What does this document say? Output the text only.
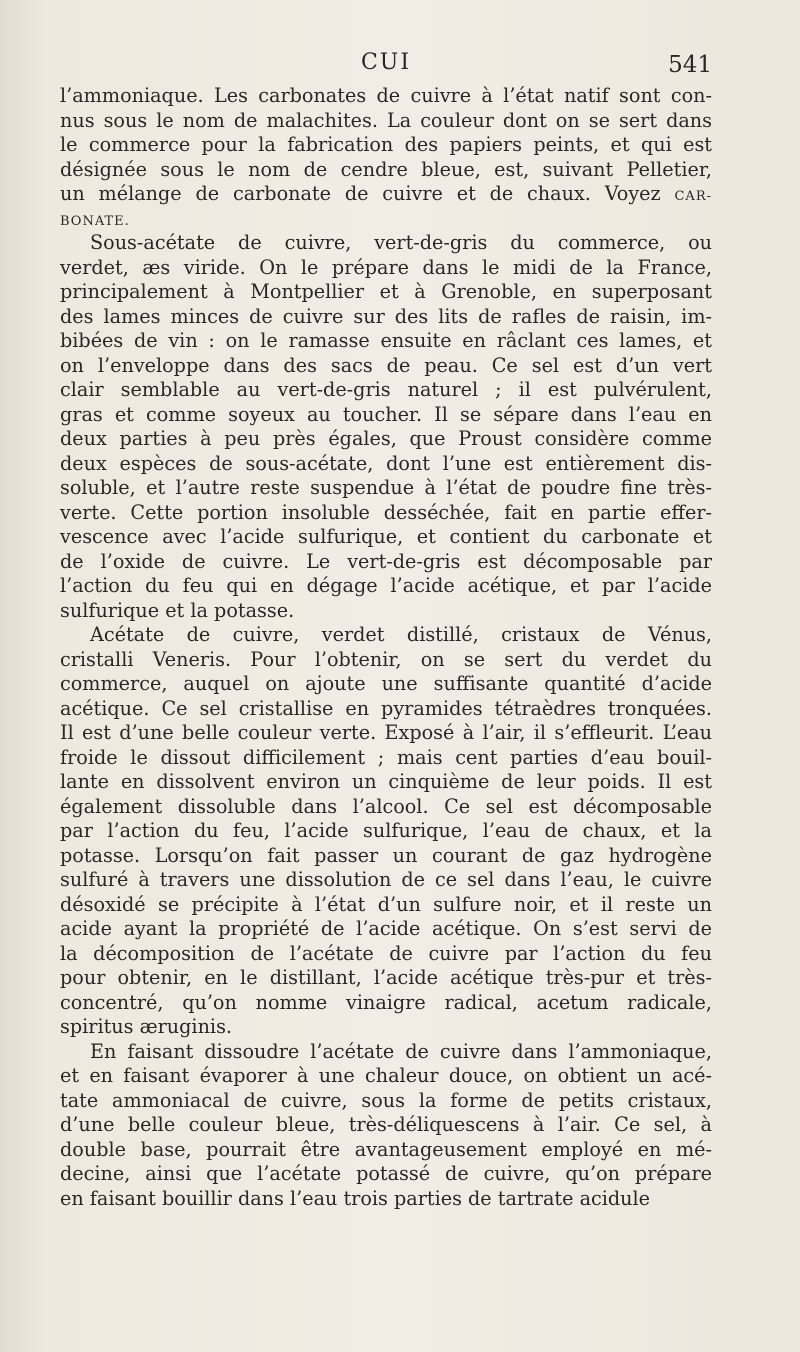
CUI	541
l’ammoniaque. Les carbonates de cuivre à l’état natif sont con-
nus sous le nom de malachites. La couleur dont on se sert dans
le commerce pour la fabrication des papiers peints, et qui est
désignée sous le nom de cendre bleue, est, suivant Pelletier,
un mélange de carbonate de cuivre et de chaux. Voyez CAR-
BONATE.
Sous-acétate de cuivre, vert-de-gris du commerce, ou
verdet, æs viride. On le prépare dans le midi de la France,
principalement à Montpellier et à Grenoble, en superposant
des lames minces de cuivre sur des lits de rafles de raisin, im-
bibées de vin : on le ramasse ensuite en râclant ces lames, et
on l’enveloppe dans des sacs de peau. Ce sel est d’un vert
clair semblable au vert-de-gris naturel ; il est pulvérulent,
gras et comme soyeux au toucher. Il se sépare dans l’eau en
deux parties à peu près égales, que Proust considère comme
deux espèces de sous-acétate, dont l’une est entièrement dis-
soluble, et l’autre reste suspendue à l’état de poudre fine très-
verte. Cette portion insoluble desséchée, fait en partie effer-
vescence avec l’acide sulfurique, et contient du carbonate et
de l’oxide de cuivre. Le vert-de-gris est décomposable par
l’action du feu qui en dégage l’acide acétique, et par l’acide
sulfurique et la potasse.
Acétate de cuivre, verdet distillé, cristaux de Vénus,
cristalli Veneris. Pour l’obtenir, on se sert du verdet du
commerce, auquel on ajoute une suffisante quantité d’acide
acétique. Ce sel cristallise en pyramides tétraèdres tronquées.
Il est d’une belle couleur verte. Exposé à l’air, il s’effleurit. L’eau
froide le dissout difficilement ; mais cent parties d’eau bouil-
lante en dissolvent environ un cinquième de leur poids. Il est
également dissoluble dans l’alcool. Ce sel est décomposable
par l’action du feu, l’acide sulfurique, l’eau de chaux, et la
potasse. Lorsqu’on fait passer un courant de gaz hydrogène
sulfuré à travers une dissolution de ce sel dans l’eau, le cuivre
désoxidé se précipite à l’état d’un sulfure noir, et il reste un
acide ayant la propriété de l’acide acétique. On s’est servi de
la décomposition de l’acétate de cuivre par l’action du feu
pour obtenir, en le distillant, l’acide acétique très-pur et très-
concentré, qu’on nomme vinaigre radical, acetum radicale,
spiritus æruginis.
En faisant dissoudre l’acétate de cuivre dans l’ammoniaque,
et en faisant évaporer à une chaleur douce, on obtient un acé-
tate ammoniacal de cuivre, sous la forme de petits cristaux,
d’une belle couleur bleue, très-déliquescens à l’air. Ce sel, à
double base, pourrait être avantageusement employé en mé-
decine, ainsi que l’acétate potassé de cuivre, qu’on prépare
en faisant bouillir dans l’eau trois parties de tartrate acidule
